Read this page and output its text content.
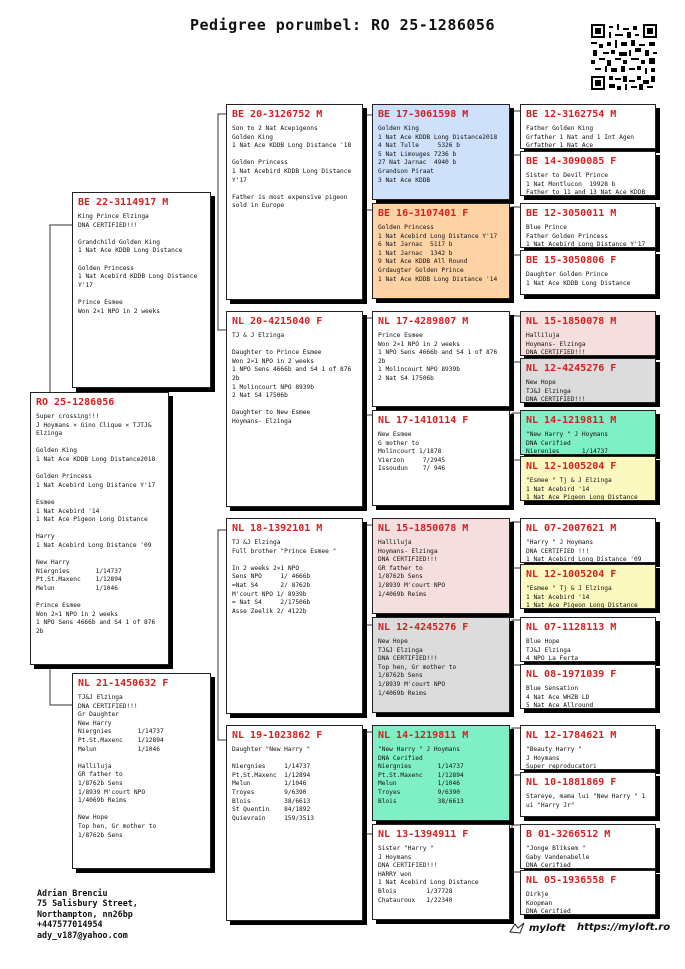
Pedigree porumbel: RO 25-1286056
RO 25-1286056
Super crossing!!!
J Hoymans × Gino Clique × TJTJ&
Elzinga
Golden King
1 Nat Ace KDDB Long Distance2018
Golden Princess
1 Nat Acebird Long Distance Y'17
Esmee
1 Nat Acebird '14
1 Nat Ace Pigeon Long Distance
Harry
1 Nat Acebird Long Distance '09
New Harry
Niergnies       1/14737
Pt.St.Maxenc    1/12894
Melun           1/1046
Prince Esmee
Won 2×1 NPO in 2 weeks
1 NPO Sens 4666b and S4 1 of 876
2b
BE 22-3114917 M
King Prince Elzinga
DNA CERTIFIED!!!
Grandchild Golden King
1 Nat Ace KDDB Long Distance
Golden Princess
1 Nat Acebird KDDB Long Distance
Y'17
Prince Esmee
Won 2×1 NPO in 2 weeks
NL 21-1450632 F
TJ&J Elzinga
DNA CERTIFIED!!!
Gr Daughter
New Harry
Niergnies       1/14737
Pt.St.Maxenc    1/12894
Melun           1/1046
Halliluja
GR father to
1/8762b Sens
1/8939 M'court NPO
1/4069b Reims
New Hope
Top hen, Gr mother to
1/8762b Sens
BE 20-3126752 M
Son to 2 Nat Acepigeons
Golden King
1 Nat Ace KDDB Long Distance '18
Golden Princess
1 Nat Acebird KDDB Long Distance
Y'17
Father is most expensive pigeon
sold in Europe
NL 20-4215040 F
TJ & J Elzinga
Daughter to Prince Esmee
Won 2×1 NPO in 2 weeks
1 NPO Sens 4666b and S4 1 of 876
2b
1 Molincourt NPO 8939b
2 Nat S4 17506b
Daughter to New Esmee
Hoymans- Elzinga
NL 18-1392101 M
TJ &J Elzinga
Full brother "Prince Esmee "
In 2 weeks 2×1 NPO
Sens NPO     1/ 4666b
=Nat S4      2/ 8762b
M'court NPO 1/ 8939b
= Nat S4     2/17506b
Asse Zeelik 2/ 4122b
NL 19-1023862 F
Daughter "New Harry "
Niergnies     1/14737
Pt.St.Maxenc  1/12894
Melun         1/1046
Troyes        9/6390
Blois         38/6613
St Quentin    84/1892
Quievrain     159/3513
BE 17-3061598 M
Golden King
1 Nat Ace KDDB Long Distance2018
4 Nat Tulle     5326 b
5 Nat Limouges 7236 b
27 Nat Jarnac  4940 b
Grandson Piraat
3 Nat Ace KDDB
BE 16-3107401 F
Golden Princess
1 Nat Acebird Long Distance Y'17
6 Nat Jarnac  5117 b
1 Nat Jarnac  1342 b
9 Nat Ace KDDB All Round
Grdaugter Golden Prince
1 Nat Ace KDDB Long Distance '14
NL 17-4289807 M
Prince Esmee
Won 2×1 NPO in 2 weeks
1 NPO Sens 4666b and S4 1 of 876
2b
1 Molincourt NPO 8939b
2 Nat S4 17506b
NL 17-1410114 F
New Esmee
G mother to
Molincourt 1/1878
Vierzon     7/2945
Issoudun    7/ 946
NL 15-1850078 M
Halliluja
Hoymans- Elzinga
DNA CERTIFIED!!!
GR father to
1/8762b Sens
1/8939 M'court NPO
1/4069b Reims
NL 12-4245276 F
New Hope
TJ&J Elzinga
DNA CERTIFIED!!!
Top hen, Gr mother to
1/8762b Sens
1/8939 M'court NPO
1/4069b Reims
NL 14-1219811 M
"New Harry " J Hoymans
DNA Cerified
Niergnies       1/14737
Pt.St.Maxenc    1/12894
Melun           1/1046
Troyes          9/6390
Blois           38/6613
NL 13-1394911 F
Sister "Harry "
J Hoymans
DNA CERTIFIED!!!
HARRY won
1 Nat Acebird Long Distance
Blois        1/37728
Chatauroux   1/22340
BE 12-3162754 M
Father Golden King
Grfather 1 Nat and 1 Int Agen
Grfather 1 Nat Ace
BE 14-3090085 F
Sister to Devil Prince
1 Nat Montlucon  19928 b
Father to 11 and 13 Nat Ace KDDB
BE 12-3050011 M
Blue Prince
Father Golden Princess
1 Nat Acebird Long Distance Y'17
BE 15-3050806 F
Daughter Golden Prince
1 Nat Ace KDDB Long Distance
NL 15-1850078 M
Halliluja
Hoymans- Elzinga
DNA CERTIFIED!!!
NL 12-4245276 F
New Hope
TJ&J Elzinga
DNA CERTIFIED!!!
NL 14-1219811 M
"New Harry " J Hoymans
DNA Cerified
Nierenies      1/14737
NL 12-1005204 F
"Esmee " Tj & J Elzinga
1 Nat Acebird '14
1 Nat Ace Pigeon Long Distance
NL 07-2007621 M
"Harry " J Hoymans
DNA CERTIFIED !!!
1 Nat Acebird Long Distance '09
NL 12-1005204 F
"Esmee " Tj & J Elzinga
1 Nat Acebird '14
1 Nat Ace Pigeon Long Distance
NL 07-1128113 M
Blue Hope
TJ&J Elzinga
4 NPO La Ferta
NL 08-1971039 F
Blue Sensation
4 Nat Ace WHZB LD
5 Nat Ace Allround
NL 12-1784621 M
"Beauty Harry "
J Hoymans
Super reproducatori
NL 10-1881869 F
Stareye, mama lui "New Harry " 1
ui "Harry Jr"
B 01-3266512 M
"Jonge Bliksem "
Gaby Vandenabelle
DNA Cerified
NL 05-1936558 F
Dirkje
Koopman
DNA Cerified
Adrian Brenciu
75 Salisbury Street,
Northampton, nn26bp
+447577014954
ady_v187@yahoo.com
myloft https://myloft.ro
